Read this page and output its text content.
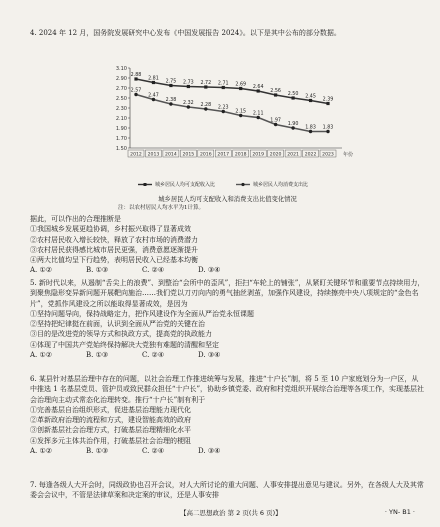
4. 2024 年 12 月，国务院发展研究中心发布《中国发展报告 2024》。以下是其中公布的部分数据。

1.50
1.70
1.90
2.10
2.30
2.50
2.70
2.90
3.10
2012 2013 2014 2015 2016 2017 2018 2019 2020 2021 2022 2023 年份
2.88
2.81
2.75 2.73 2.72 2.71 2.69 2.64
2.56
2.50 2.45
2.39
2.57
2.47
2.38
2.32 2.28 2.23
2.15 2.11
1.97
1.90
1.83 1.83
城乡居民人均可支配收入比	城乡居民人均消费支出比

城乡居民人均可支配收入和消费支出比值变化情况

注：以农村居民人均水平为1计算。

据此，可以作出的合理推断是

①我国城乡发展更趋协调，乡村振兴取得了显著成效

②农村居民收入增长较快，释放了农村市场的消费潜力

③农村居民获得感比城市居民更强，消费意愿逐渐提升

④两大比值均呈下行趋势，表明居民收入已经基本均衡

A. ①②	B. ①③	C. ②④	D. ③④

5. 新时代以来，从遏制“舌尖上的浪费”、到整治“会所中的歪风”，拒扫“车轮上的铺张”，从紧盯关键环节和重要节点持续用力，到聚焦隐形变异新问题开展靶向施治……我们党以刀刃向内的勇气抽丝剥茧，加强作风建设，持续擦亮中央八项规定的“金色名片”，党抓作风建设之所以能取得显著成效，是因为

①坚持问题导向，保持战略定力，把作风建设作为全面从严治党永恒课题

②坚持把纪律挺在前面，认识到全面从严治党的关键在治

③目的是改进党的领导方式和执政方式，提高党的执政能力

④体现了中国共产党始终保持解决大党独有难题的清醒和坚定

A. ①②	B. ①③	C. ②④	D. ③④

6. 某县针对基层治理中存在的问题，以社会治理工作推进统筹与发展，推进“十户长”制，将 5 至 10 户家庭划分为一户区，从中推选 1 名基层党员、管护员或致民群众担任“十户长”，协助乡镇党委、政府和村党组织开展综合治理等各项工作，实现基层社会治理向主动式常态化治理转变。推行“十户长”制有利于

①完善基层自治组织形式，促进基层治理能力现代化

②革新政府治理的流程和方式，建设智能高效的政府

③创新基层社会治理方式，打破基层治理精细化水平

④发挥多元主体共治作用，打破基层社会治理的梗阻

A. ①②	B. ①③	C. ②④	D. ③④

7. 每逢各级人大开会时，同级政协也召开会议，对人大所讨论的重大问题、人事安排提出意见与建议。另外，在各级人大及其常委会会议中，不管是法律草案和决定案的审议，还是人事安排

【高二思想政治 第 2 页(共 6 页)】	· YN- B1 ·
